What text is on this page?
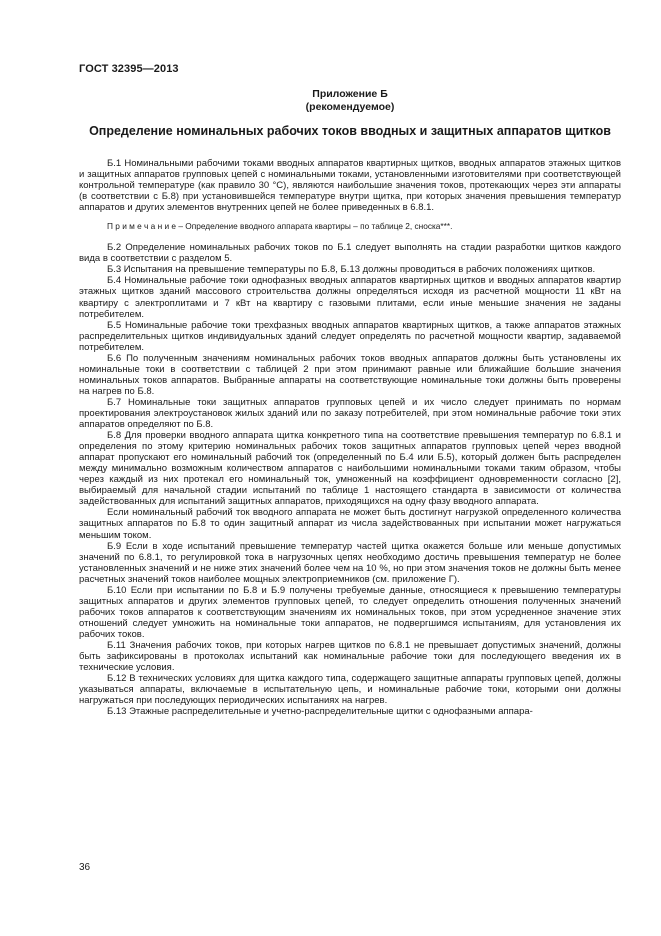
ГОСТ 32395—2013
Приложение Б
(рекомендуемое)
Определение номинальных рабочих токов вводных и защитных аппаратов щитков

Б.1 Номинальными рабочими токами вводных аппаратов квартирных щитков, вводных аппаратов этажных щитков и защитных аппаратов групповых цепей с номинальными токами, установленными изготовителями при соответствующей контрольной температуре (как правило 30 °С), являются наибольшие значения токов, протекающих через эти аппараты (в соответствии с Б.8) при установившейся температуре внутри щитка, при которых значения превышения температур аппаратов и других элементов внутренних цепей не более приведенных в 6.8.1.

П р и м е ч а н и е – Определение вводного аппарата квартиры – по таблице 2, сноска***.

Б.2 Определение номинальных рабочих токов по Б.1 следует выполнять на стадии разработки щитков каждого вида в соответствии с разделом 5.

Б.3 Испытания на превышение температуры по Б.8, Б.13 должны проводиться в рабочих положениях щитков.

Б.4 Номинальные рабочие токи однофазных вводных аппаратов квартирных щитков и вводных аппаратов квартир этажных щитков зданий массового строительства должны определяться исходя из расчетной мощности 11 кВт на квартиру с электроплитами и 7 кВт на квартиру с газовыми плитами, если иные меньшие значения не заданы потребителем.

Б.5 Номинальные рабочие токи трехфазных вводных аппаратов квартирных щитков, а также аппаратов этажных распределительных щитков индивидуальных зданий следует определять по расчетной мощности квартир, задаваемой потребителем.

Б.6 По полученным значениям номинальных рабочих токов вводных аппаратов должны быть установлены их номинальные токи в соответствии с таблицей 2 при этом принимают равные или ближайшие большие значения номинальных токов аппаратов. Выбранные аппараты на соответствующие номинальные токи должны быть проверены на нагрев по Б.8.

Б.7 Номинальные токи защитных аппаратов групповых цепей и их число следует принимать по нормам проектирования электроустановок жилых зданий или по заказу потребителей, при этом номинальные рабочие токи этих аппаратов определяют по Б.8.

Б.8 Для проверки вводного аппарата щитка конкретного типа на соответствие превышения температур по 6.8.1 и определения по этому критерию номинальных рабочих токов защитных аппаратов групповых цепей через вводной аппарат пропускают его номинальный рабочий ток (определенный по Б.4 или Б.5), который должен быть распределен между минимально возможным количеством аппаратов с наибольшими номинальными токами таким образом, чтобы через каждый из них протекал его номинальный ток, умноженный на коэффициент одновременности согласно [2], выбираемый для начальной стадии испытаний по таблице 1 настоящего стандарта в зависимости от количества задействованных для испытаний защитных аппаратов, приходящихся на одну фазу вводного аппарата.

Если номинальный рабочий ток вводного аппарата не может быть достигнут нагрузкой определенного количества защитных аппаратов по Б.8 то один защитный аппарат из числа задействованных при испытании может нагружаться меньшим током.

Б.9 Если в ходе испытаний превышение температур частей щитка окажется больше или меньше допустимых значений по 6.8.1, то регулировкой тока в нагрузочных цепях необходимо достичь превышения температур не более установленных значений и не ниже этих значений более чем на 10 %, но при этом значения токов не должны быть менее расчетных значений токов наиболее мощных электроприемников (см. приложение Г).

Б.10 Если при испытании по Б.8 и Б.9 получены требуемые данные, относящиеся к превышению температуры защитных аппаратов и других элементов групповых цепей, то следует определить отношения полученных значений рабочих токов аппаратов к соответствующим значениям их номинальных токов, при этом усредненное значение этих отношений следует умножить на номинальные токи аппаратов, не подвергшимся испытаниям, для установления их рабочих токов.

Б.11 Значения рабочих токов, при которых нагрев щитков по 6.8.1 не превышает допустимых значений, должны быть зафиксированы в протоколах испытаний как номинальные рабочие токи для последующего введения их в технические условия.

Б.12 В технических условиях для щитка каждого типа, содержащего защитные аппараты групповых цепей, должны указываться аппараты, включаемые в испытательную цепь, и номинальные рабочие токи, которыми они должны нагружаться при последующих периодических испытаниях на нагрев.

Б.13 Этажные распределительные и учетно-распределительные щитки с однофазными аппара-

36
